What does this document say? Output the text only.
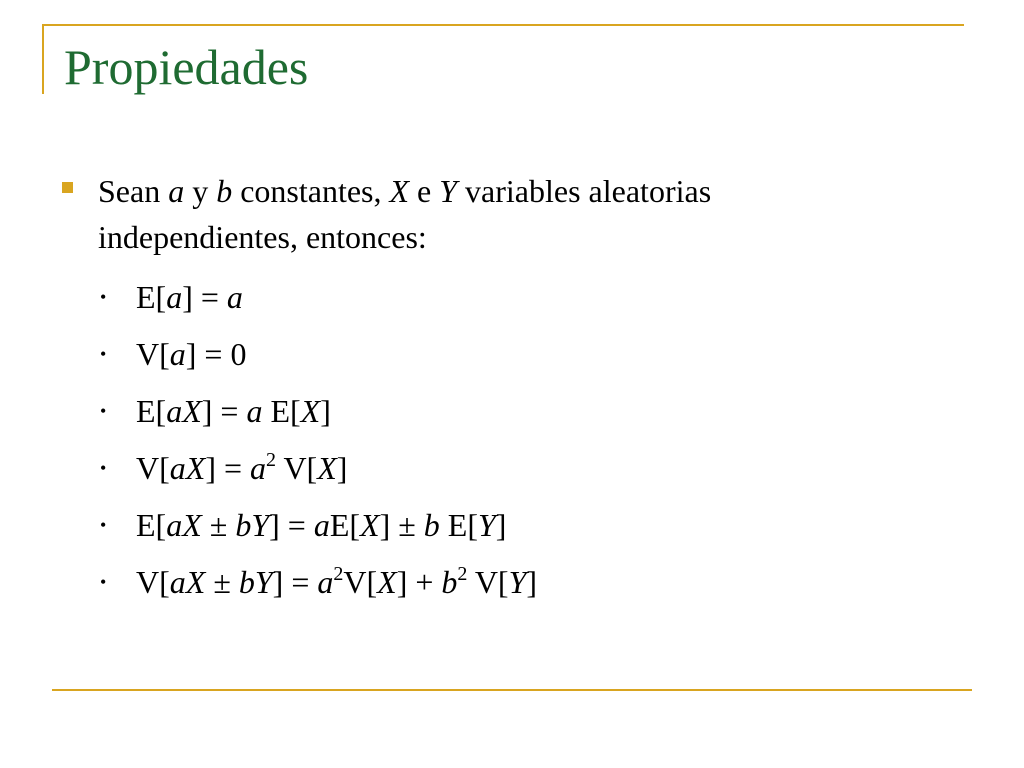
Propiedades
Sean a y b constantes, X e Y variables aleatorias independientes, entonces:
• E[a] = a
• V[a] = 0
• E[aX] = a E[X]
• $V[aX] = a^2$ V[X]
• E[aX ± bY] = aE[X] ± b E[Y]
• $V[aX \pm bY] = a^2V[X] + b^2$ V[Y]
